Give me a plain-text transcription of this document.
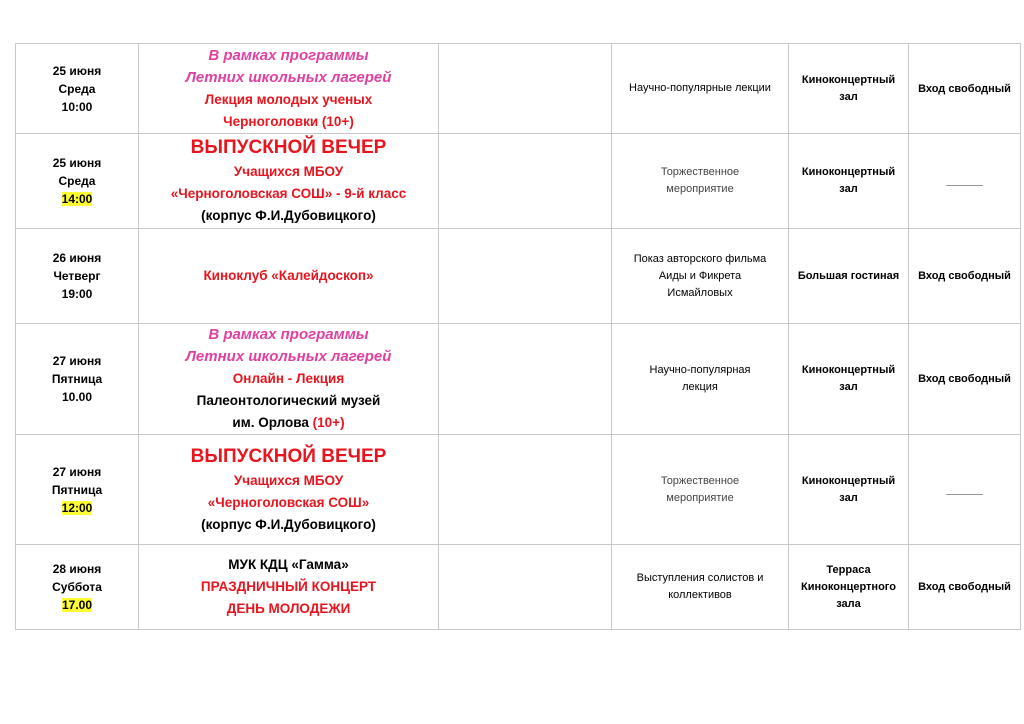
25 июня
Среда
10:00	В рамках программы
Летних школьных лагерей
Лекция молодых ученых
Черноголовки (10+)		Научно-популярные лекции	Киноконцертный
зал	Вход свободный

25 июня
Среда
14:00	ВЫПУСКНОЙ ВЕЧЕР
Учащихся МБОУ
«Черноголовская СОШ» - 9-й класс
(корпус Ф.И.Дубовицкого)		Торжественное
мероприятие	Киноконцертный
зал	______

26 июня
Четверг
19:00	Киноклуб «Калейдоскоп»		Показ авторского фильма
Аиды и Фикрета
Исмайловых	Большая гостиная	Вход свободный

27 июня
Пятница
10.00	В рамках программы
Летних школьных лагерей
Онлайн - Лекция
Палеонтологический музей
им. Орлова (10+)		Научно-популярная
лекция	Киноконцертный
зал	Вход свободный

27 июня
Пятница
12:00	ВЫПУСКНОЙ ВЕЧЕР
Учащихся МБОУ
«Черноголовская СОШ»
(корпус Ф.И.Дубовицкого)		Торжественное
мероприятие	Киноконцертный
зал	______

28 июня
Суббота
17.00	МУК КДЦ «Гамма»
ПРАЗДНИЧНЫЙ КОНЦЕРТ
ДЕНЬ МОЛОДЕЖИ		Выступления солистов и
коллективов	Терраса
Киноконцертного
зала	Вход свободный
